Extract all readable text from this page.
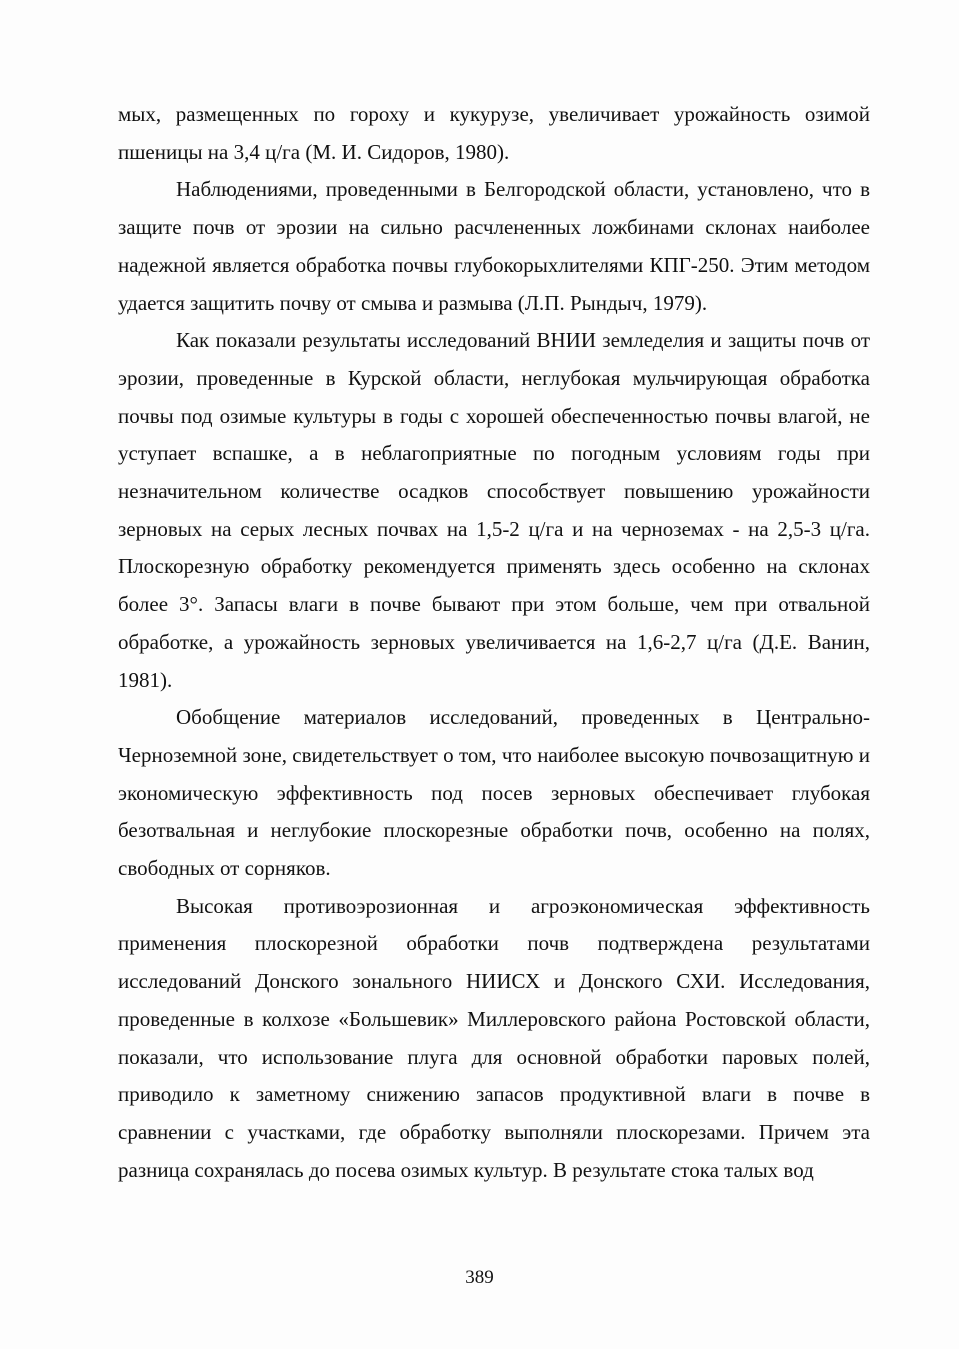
мых, размещенных по гороху и кукурузе, увеличивает урожайность озимой пшеницы на 3,4 ц/га (М. И. Сидоров, 1980).

Наблюдениями, проведенными в Белгородской области, установлено, что в защите почв от эрозии на сильно расчлененных ложбинами склонах наиболее надежной является обработка почвы глубокорыхлителями КПГ-250. Этим методом удается защитить почву от смыва и размыва (Л.П. Рындыч, 1979).

Как показали результаты исследований ВНИИ земледелия и защиты почв от эрозии, проведенные в Курской области, неглубокая мульчирующая обработка почвы под озимые культуры в годы с хорошей обеспеченностью почвы влагой, не уступает вспашке, а в неблагоприятные по погодным условиям годы при незначительном количестве осадков способствует повышению урожайности зерновых на серых лесных почвах на 1,5-2 ц/га и на черноземах - на 2,5-3 ц/га. Плоскорезную обработку рекомендуется применять здесь особенно на склонах более 3°. Запасы влаги в почве бывают при этом больше, чем при отвальной обработке, а урожайность зерновых увеличивается на 1,6-2,7 ц/га (Д.Е. Ванин, 1981).

Обобщение материалов исследований, проведенных в Центрально-Черноземной зоне, свидетельствует о том, что наиболее высокую почвозащитную и экономическую эффективность под посев зерновых обеспечивает глубокая безотвальная и неглубокие плоскорезные обработки почв, особенно на полях, свободных от сорняков.

Высокая противоэрозионная и агроэкономическая эффективность применения плоскорезной обработки почв подтверждена результатами исследований Донского зонального НИИСХ и Донского СХИ. Исследования, проведенные в колхозе «Большевик» Миллеровского района Ростовской области, показали, что использование плуга для основной обработки паровых полей, приводило к заметному снижению запасов продуктивной влаги в почве в сравнении с участками, где обработку выполняли плоскорезами. Причем эта разница сохранялась до посева озимых культур. В результате стока талых вод

389
